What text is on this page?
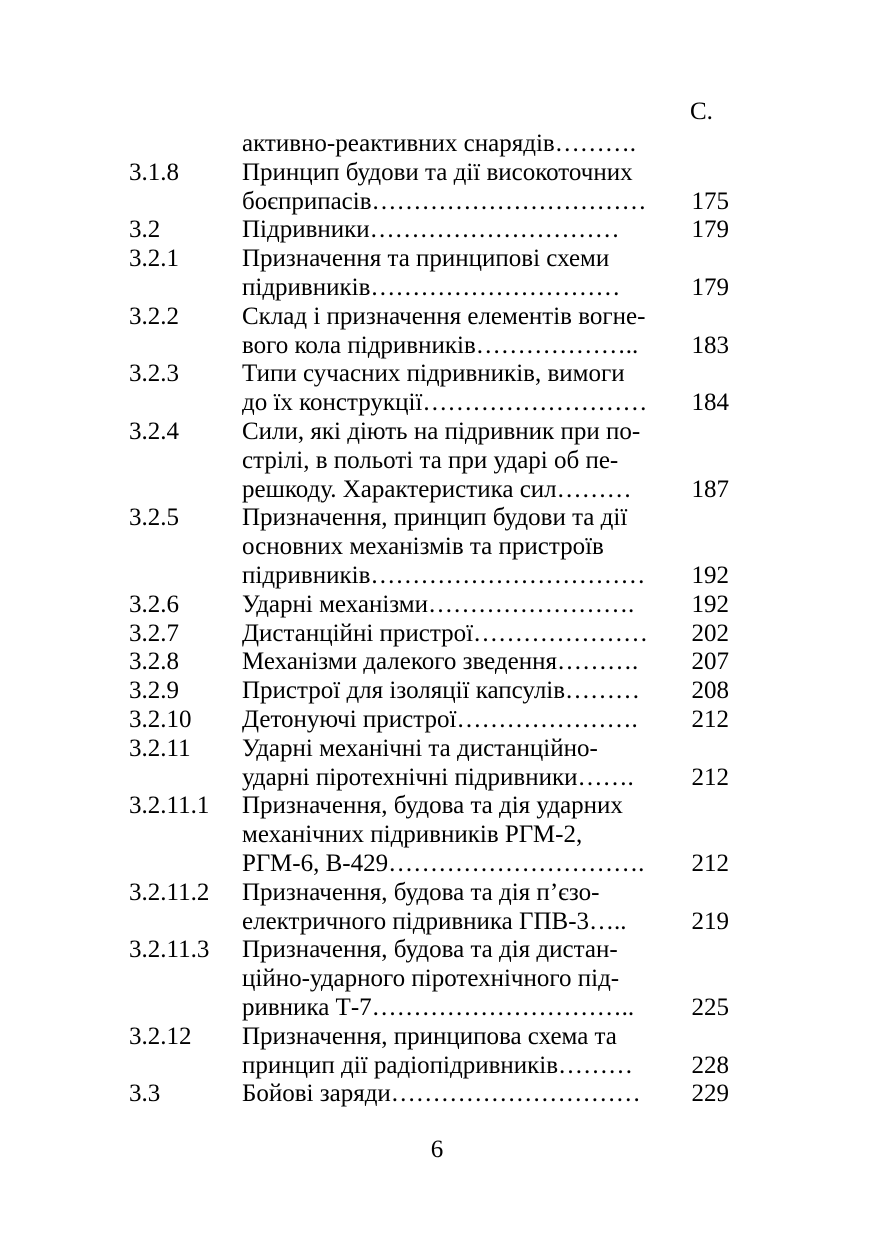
С.
активно-реактивних снарядів……….
3.1.8	Принцип будови та дії високоточних
боєприпасів……………………………	175
3.2	Підривники…………………………	179
3.2.1	Призначення та принципові схеми
підривників…………………………	179
3.2.2	Склад і призначення елементів вогне-
вого кола підривників………………..	183
3.2.3	Типи сучасних підривників, вимоги
до їх конструкції………………………	184
3.2.4	Сили, які діють на підривник при по-
стрілі, в польоті та при ударі об пе-
решкоду. Характеристика сил………	187
3.2.5	Призначення, принцип будови та дії
основних механізмів та пристроїв
підривників……………………………	192
3.2.6	Ударні механізми…………………….	192
3.2.7	Дистанційні пристрої…………………	202
3.2.8	Механізми далекого зведення……….	207
3.2.9	Пристрої для ізоляції капсулів………	208
3.2.10	Детонуючі пристрої………………….	212
3.2.11	Ударні механічні та дистанційно-
ударні піротехнічні підривники…….	212
3.2.11.1	Призначення, будова та дія ударних
механічних підривників РГМ-2,
РГМ-6, В-429………………………….	212
3.2.11.2	Призначення, будова та дія п’єзо-
електричного підривника ГПВ-3…..	219
3.2.11.3	Призначення, будова та дія дистан-
ційно-ударного піротехнічного під-
ривника Т-7…………………………..	225
3.2.12	Призначення, принципова схема та
принцип дії радіопідривників………	228
3.3	Бойові заряди…………………………	229
6
